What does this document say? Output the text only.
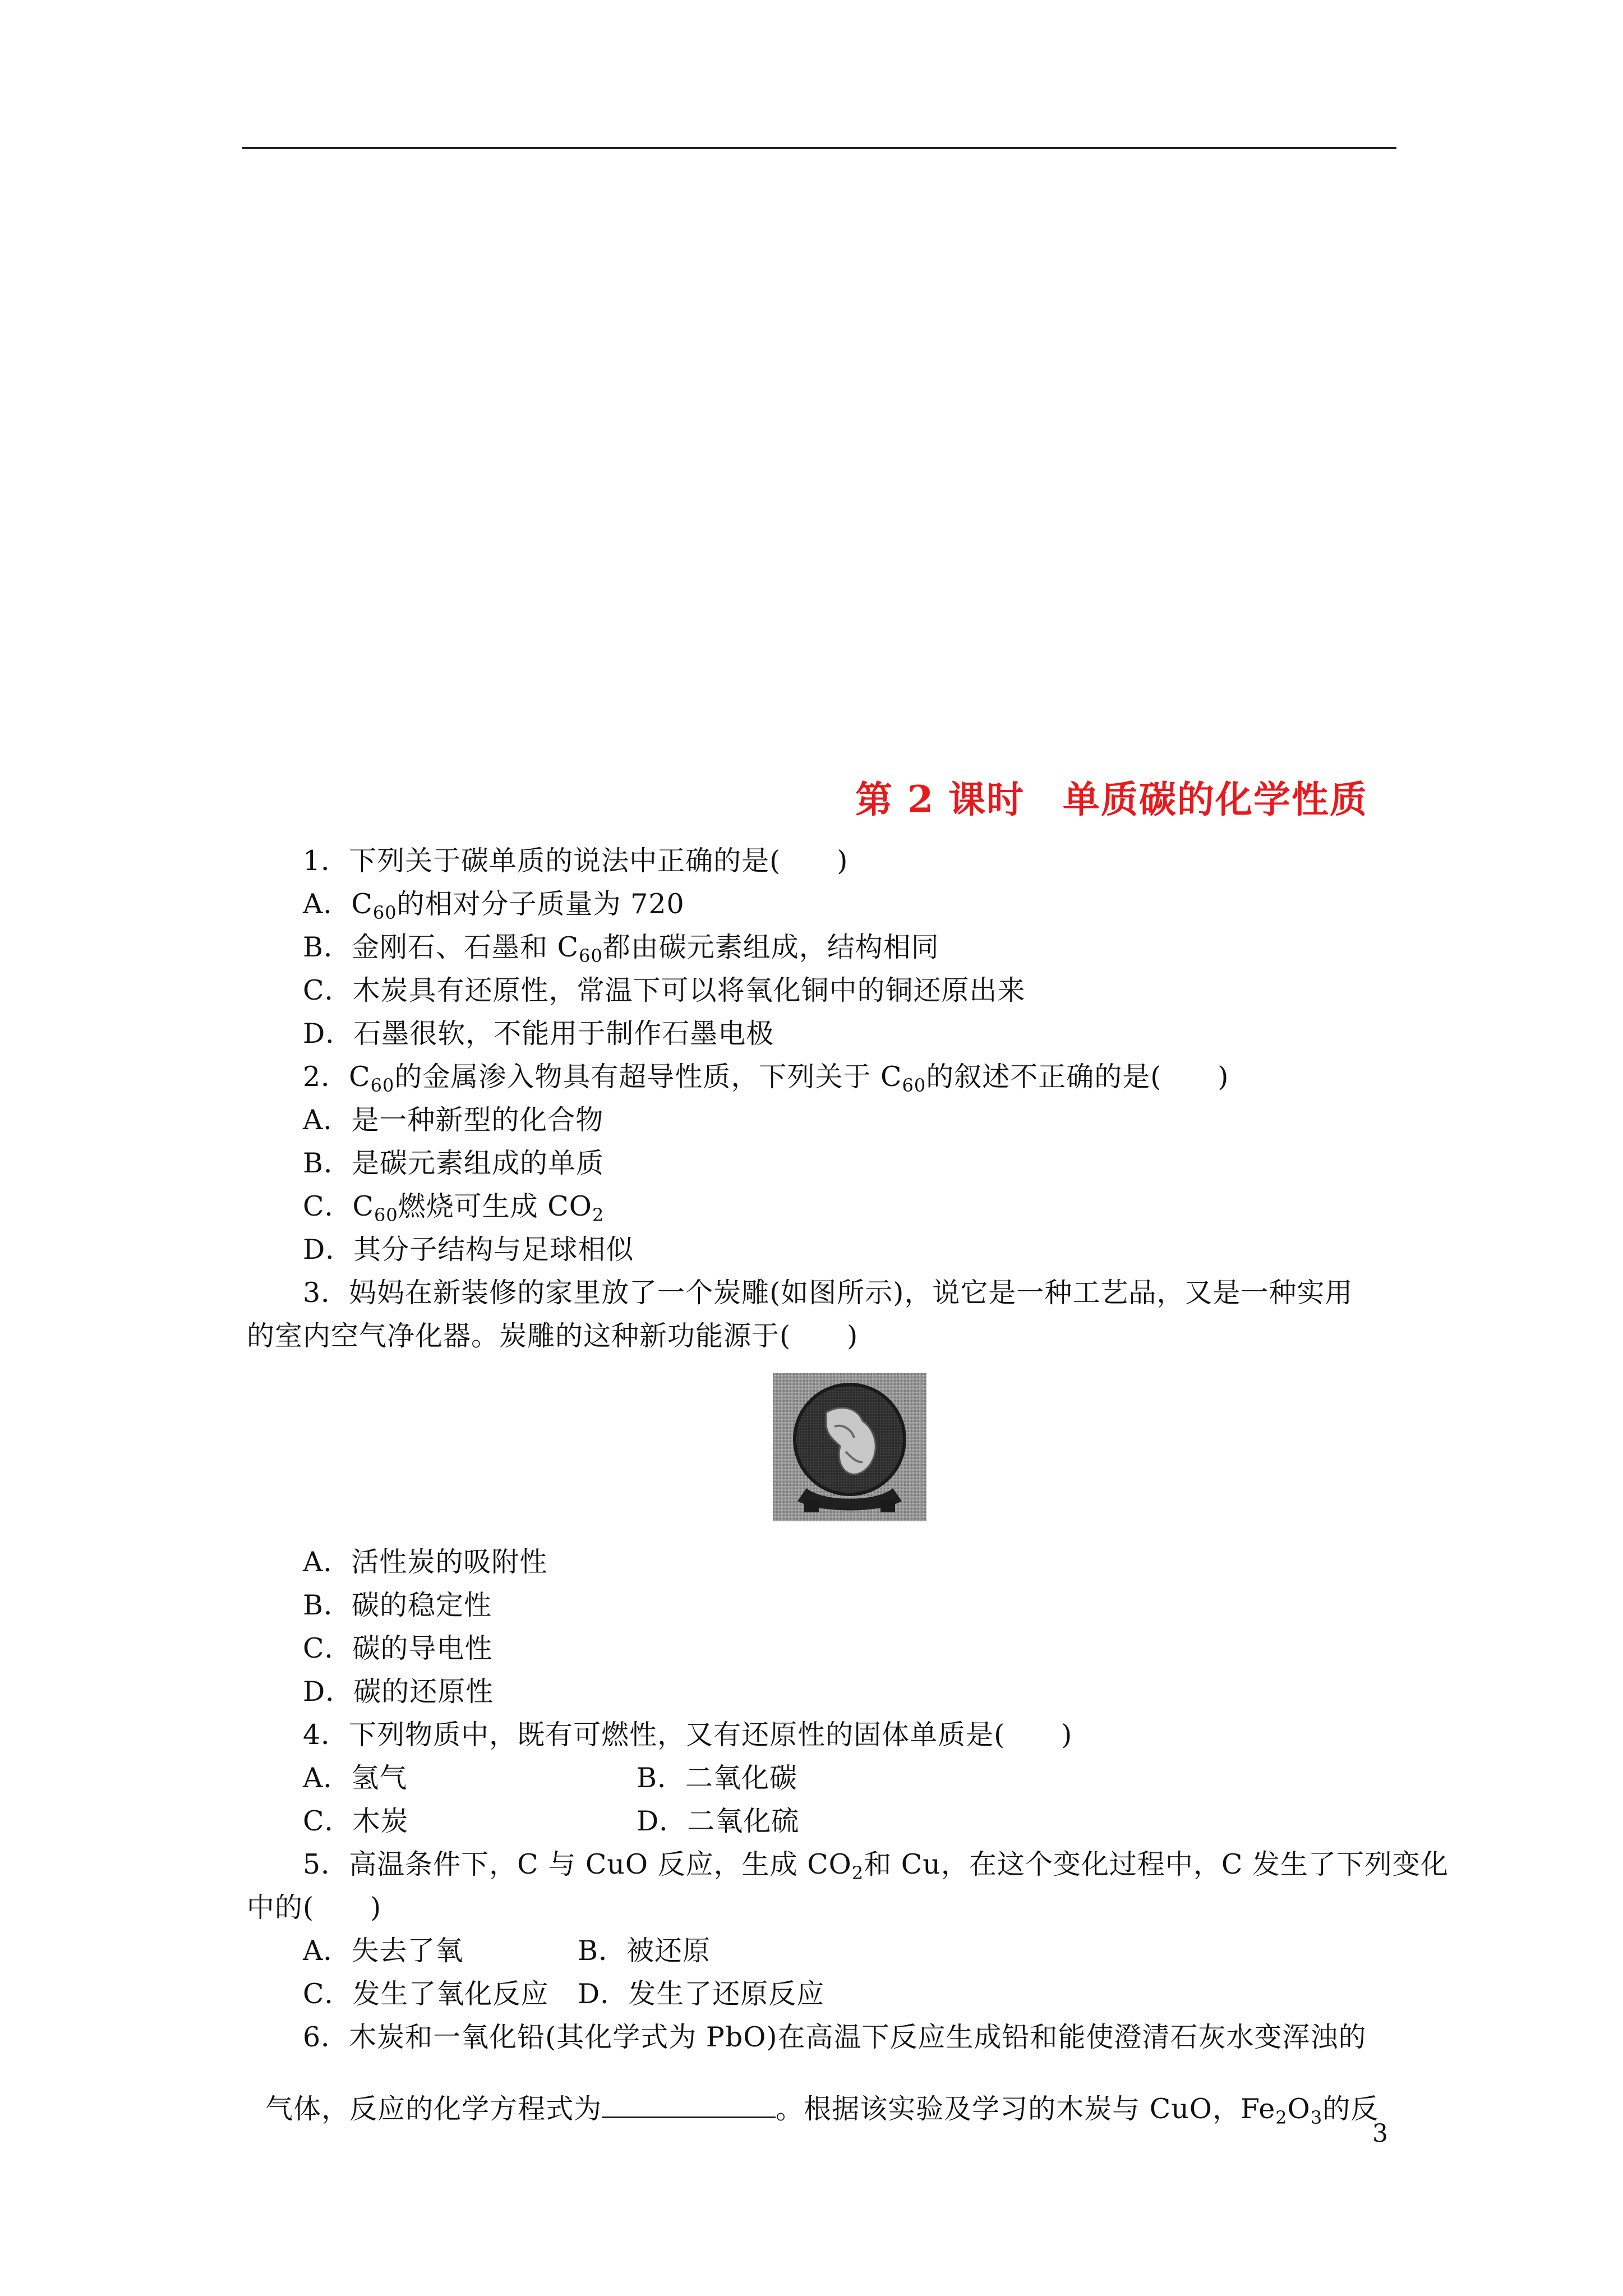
第 2 课时　单质碳的化学性质
1．下列关于碳单质的说法中正确的是(　　)
A．$C_{60}$的相对分子质量为 720
B．金刚石、石墨和 $C_{60}$都由碳元素组成，结构相同
C．木炭具有还原性，常温下可以将氧化铜中的铜还原出来
D．石墨很软，不能用于制作石墨电极
2．$C_{60}$的金属渗入物具有超导性质，下列关于 $C_{60}$的叙述不正确的是(　　)
A．是一种新型的化合物
B．是碳元素组成的单质
C．$C_{60}$燃烧可生成 $CO_2$
D．其分子结构与足球相似
3．妈妈在新装修的家里放了一个炭雕(如图所示)，说它是一种工艺品，又是一种实用
的室内空气净化器。炭雕的这种新功能源于(　　)
A．活性炭的吸附性
B．碳的稳定性
C．碳的导电性
D．碳的还原性
4．下列物质中，既有可燃性，又有还原性的固体单质是(　　)
A．氢气	B．二氧化碳
C．木炭	D．二氧化硫
5．高温条件下，C 与 CuO 反应，生成 $CO_2$和 Cu，在这个变化过程中，C 发生了下列变化
中的(　　)
A．失去了氧	B．被还原
C．发生了氧化反应 D．发生了还原反应
6．木炭和一氧化铅(其化学式为 PbO)在高温下反应生成铅和能使澄清石灰水变浑浊的

气体，反应的化学方程式为	。根据该实验及学习的木炭与 CuO，$Fe_2O_3$的反

3
